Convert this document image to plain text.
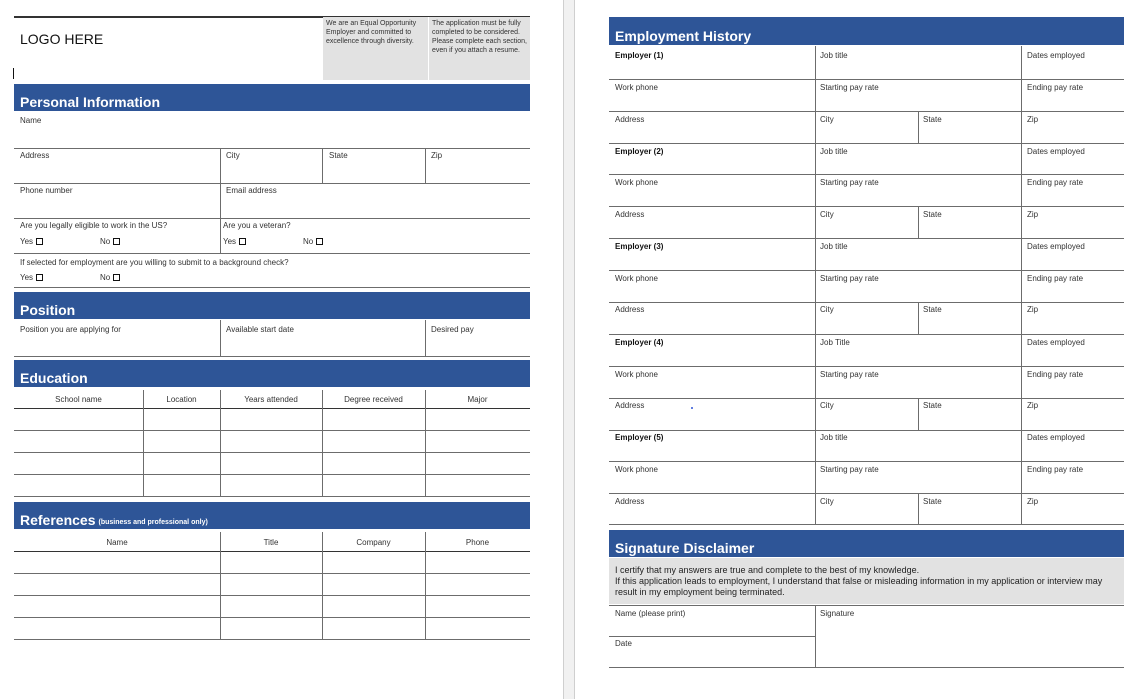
LOGO HERE
We are an Equal Opportunity Employer and committed to excellence through diversity.
The application must be fully completed to be considered. Please complete each section, even if you attach a resume.
Personal Information
Name
Address	City	State	Zip
Phone number	Email address
Are you legally eligible to work in the US?
Yes	No
Are you a veteran?
Yes	No
If selected for employment are you willing to submit to a background check?
Yes	No
Position
Position you are applying for	Available start date	Desired pay
Education
School name	Location	Years attended	Degree received	Major
References (business and professional only)
Name	Title	Company	Phone
Employment History
Employer (1)	Job title	Dates employed
Work phone	Starting pay rate	Ending pay rate
Address	City	State	Zip
Employer (2)	Job title	Dates employed
Work phone	Starting pay rate	Ending pay rate
Address	City	State	Zip
Employer (3)	Job title	Dates employed
Work phone	Starting pay rate	Ending pay rate
Address	City	State	Zip
Employer (4)	Job Title	Dates employed
Work phone	Starting pay rate	Ending pay rate
Address	City	State	Zip
Employer (5)	Job title	Dates employed
Work phone	Starting pay rate	Ending pay rate
Address	City	State	Zip
Signature Disclaimer
I certify that my answers are true and complete to the best of my knowledge.
If this application leads to employment, I understand that false or misleading information in my application or interview may result in my employment being terminated.
Name (please print)	Signature
Date
